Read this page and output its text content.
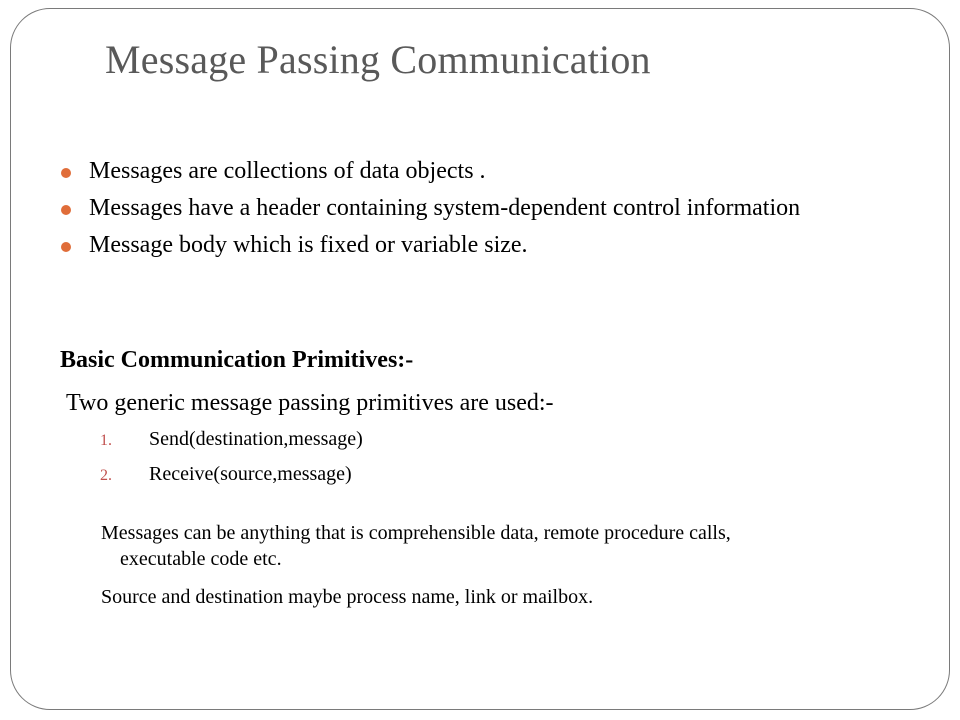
Message Passing Communication
Messages are collections of data objects .
Messages have a header containing system-dependent control information
Message body which is fixed or variable size.
Basic Communication Primitives:-
Two generic message passing primitives are used:-
1. Send(destination,message)
2. Receive(source,message)

Messages can be anything that is comprehensible data, remote procedure calls,
executable code etc.

Source and destination maybe process name, link or mailbox.
